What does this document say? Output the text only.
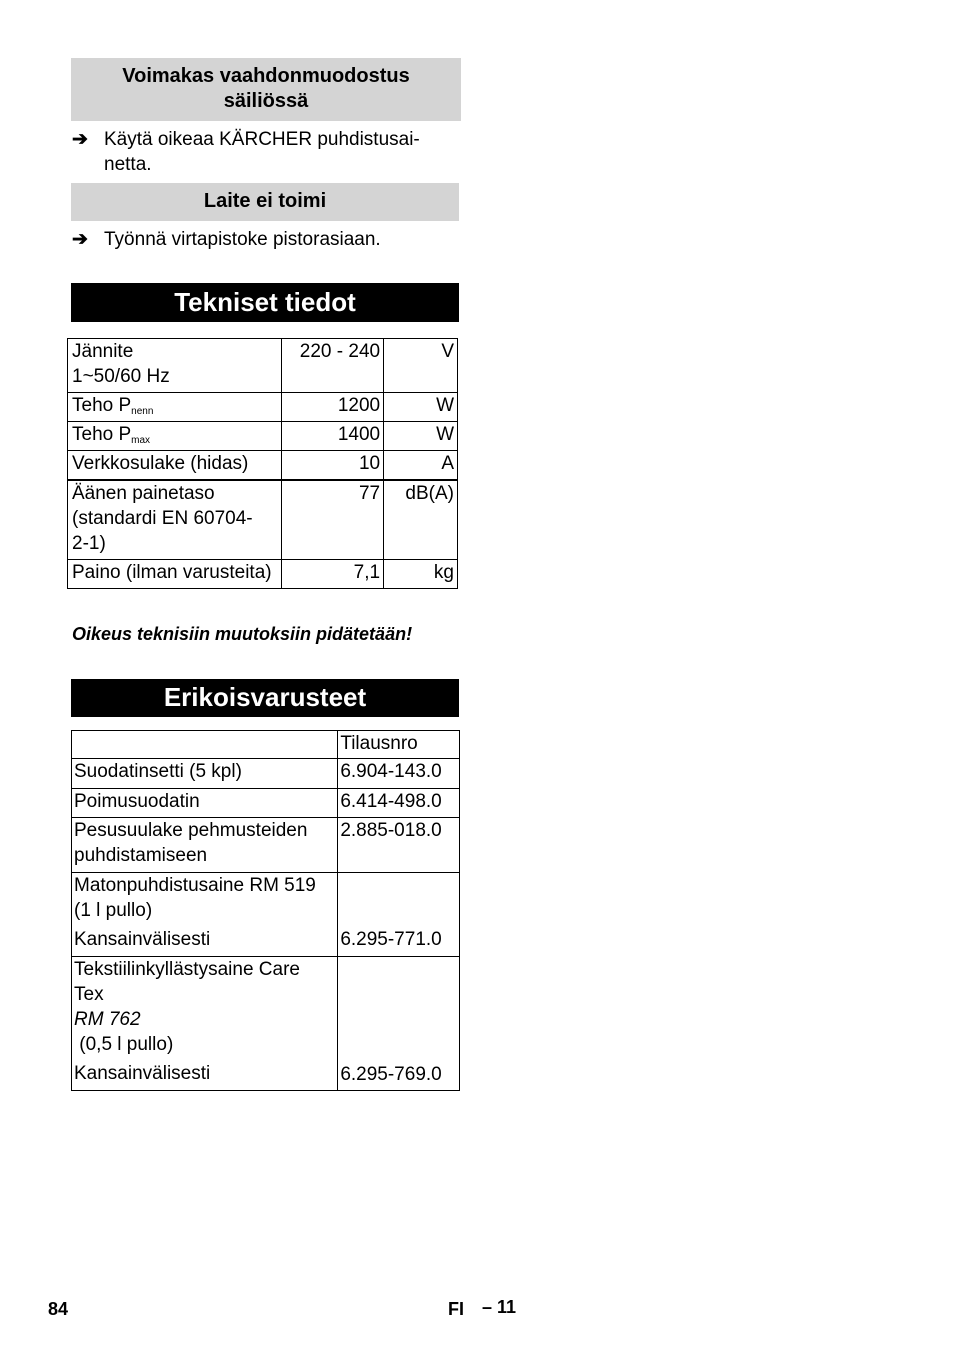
Voimakas vaahdonmuodostus
säiliössä
➔ Käytä oikeaa KÄRCHER puhdistusai-
netta.
Laite ei toimi
➔ Työnnä virtapistoke pistorasiaan.
Tekniset tiedot
Jännite
1~50/60 Hz	220 - 240	V
Teho $P_{nenn}$	1200	W
Teho $P_{max}$	1400	W
Verkkosulake (hidas)	10	A

Äänen painetaso
(standardi EN 60704-
2-1)	77	dB(A)
Paino (ilman varusteita)	7,1	kg
Oikeus teknisiin muutoksiin pidätetään!
Erikoisvarusteet
	Tilausnro
Suodatinsetti (5 kpl)	6.904-143.0
Poimusuodatin	6.414-498.0

Pesusuulake pehmusteiden
puhdistamiseen	2.885-018.0

Matonpuhdistusaine RM 519
(1 l pullo)
Kansainvälisesti	6.295-771.0

Tekstiilinkyllästysaine Care
Tex
RM 762
(0,5 l pullo)
Kansainvälisesti	6.295-769.0
84	FI – 11
